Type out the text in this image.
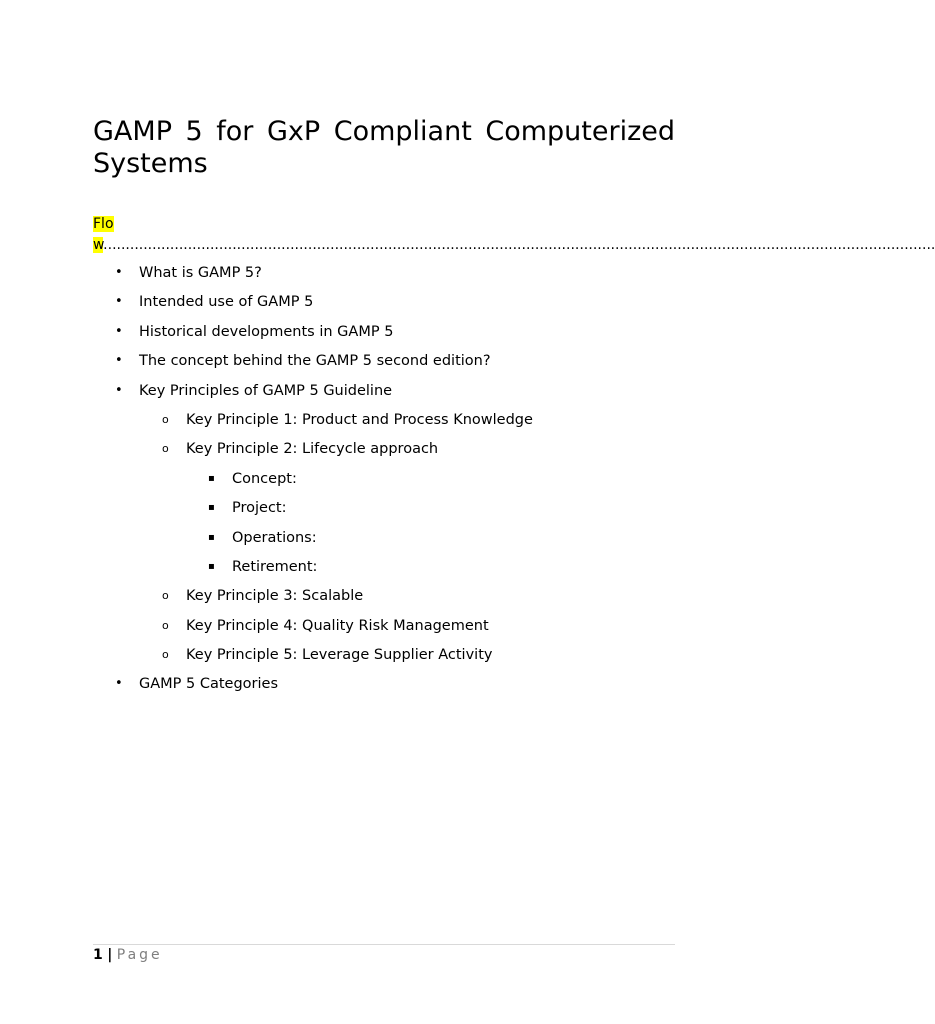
GAMP 5 for GxP Compliant Computerized Systems
Flow...........................................................................................................................................................................................
• What is GAMP 5?
• Intended use of GAMP 5
• Historical developments in GAMP 5
• The concept behind the GAMP 5 second edition?
• Key Principles of GAMP 5 Guideline
o Key Principle 1: Product and Process Knowledge
o Key Principle 2: Lifecycle approach
▪ Concept:
▪ Project:
▪ Operations:
▪ Retirement:
o Key Principle 3: Scalable
o Key Principle 4: Quality Risk Management
o Key Principle 5: Leverage Supplier Activity
• GAMP 5 Categories
1 | Page
